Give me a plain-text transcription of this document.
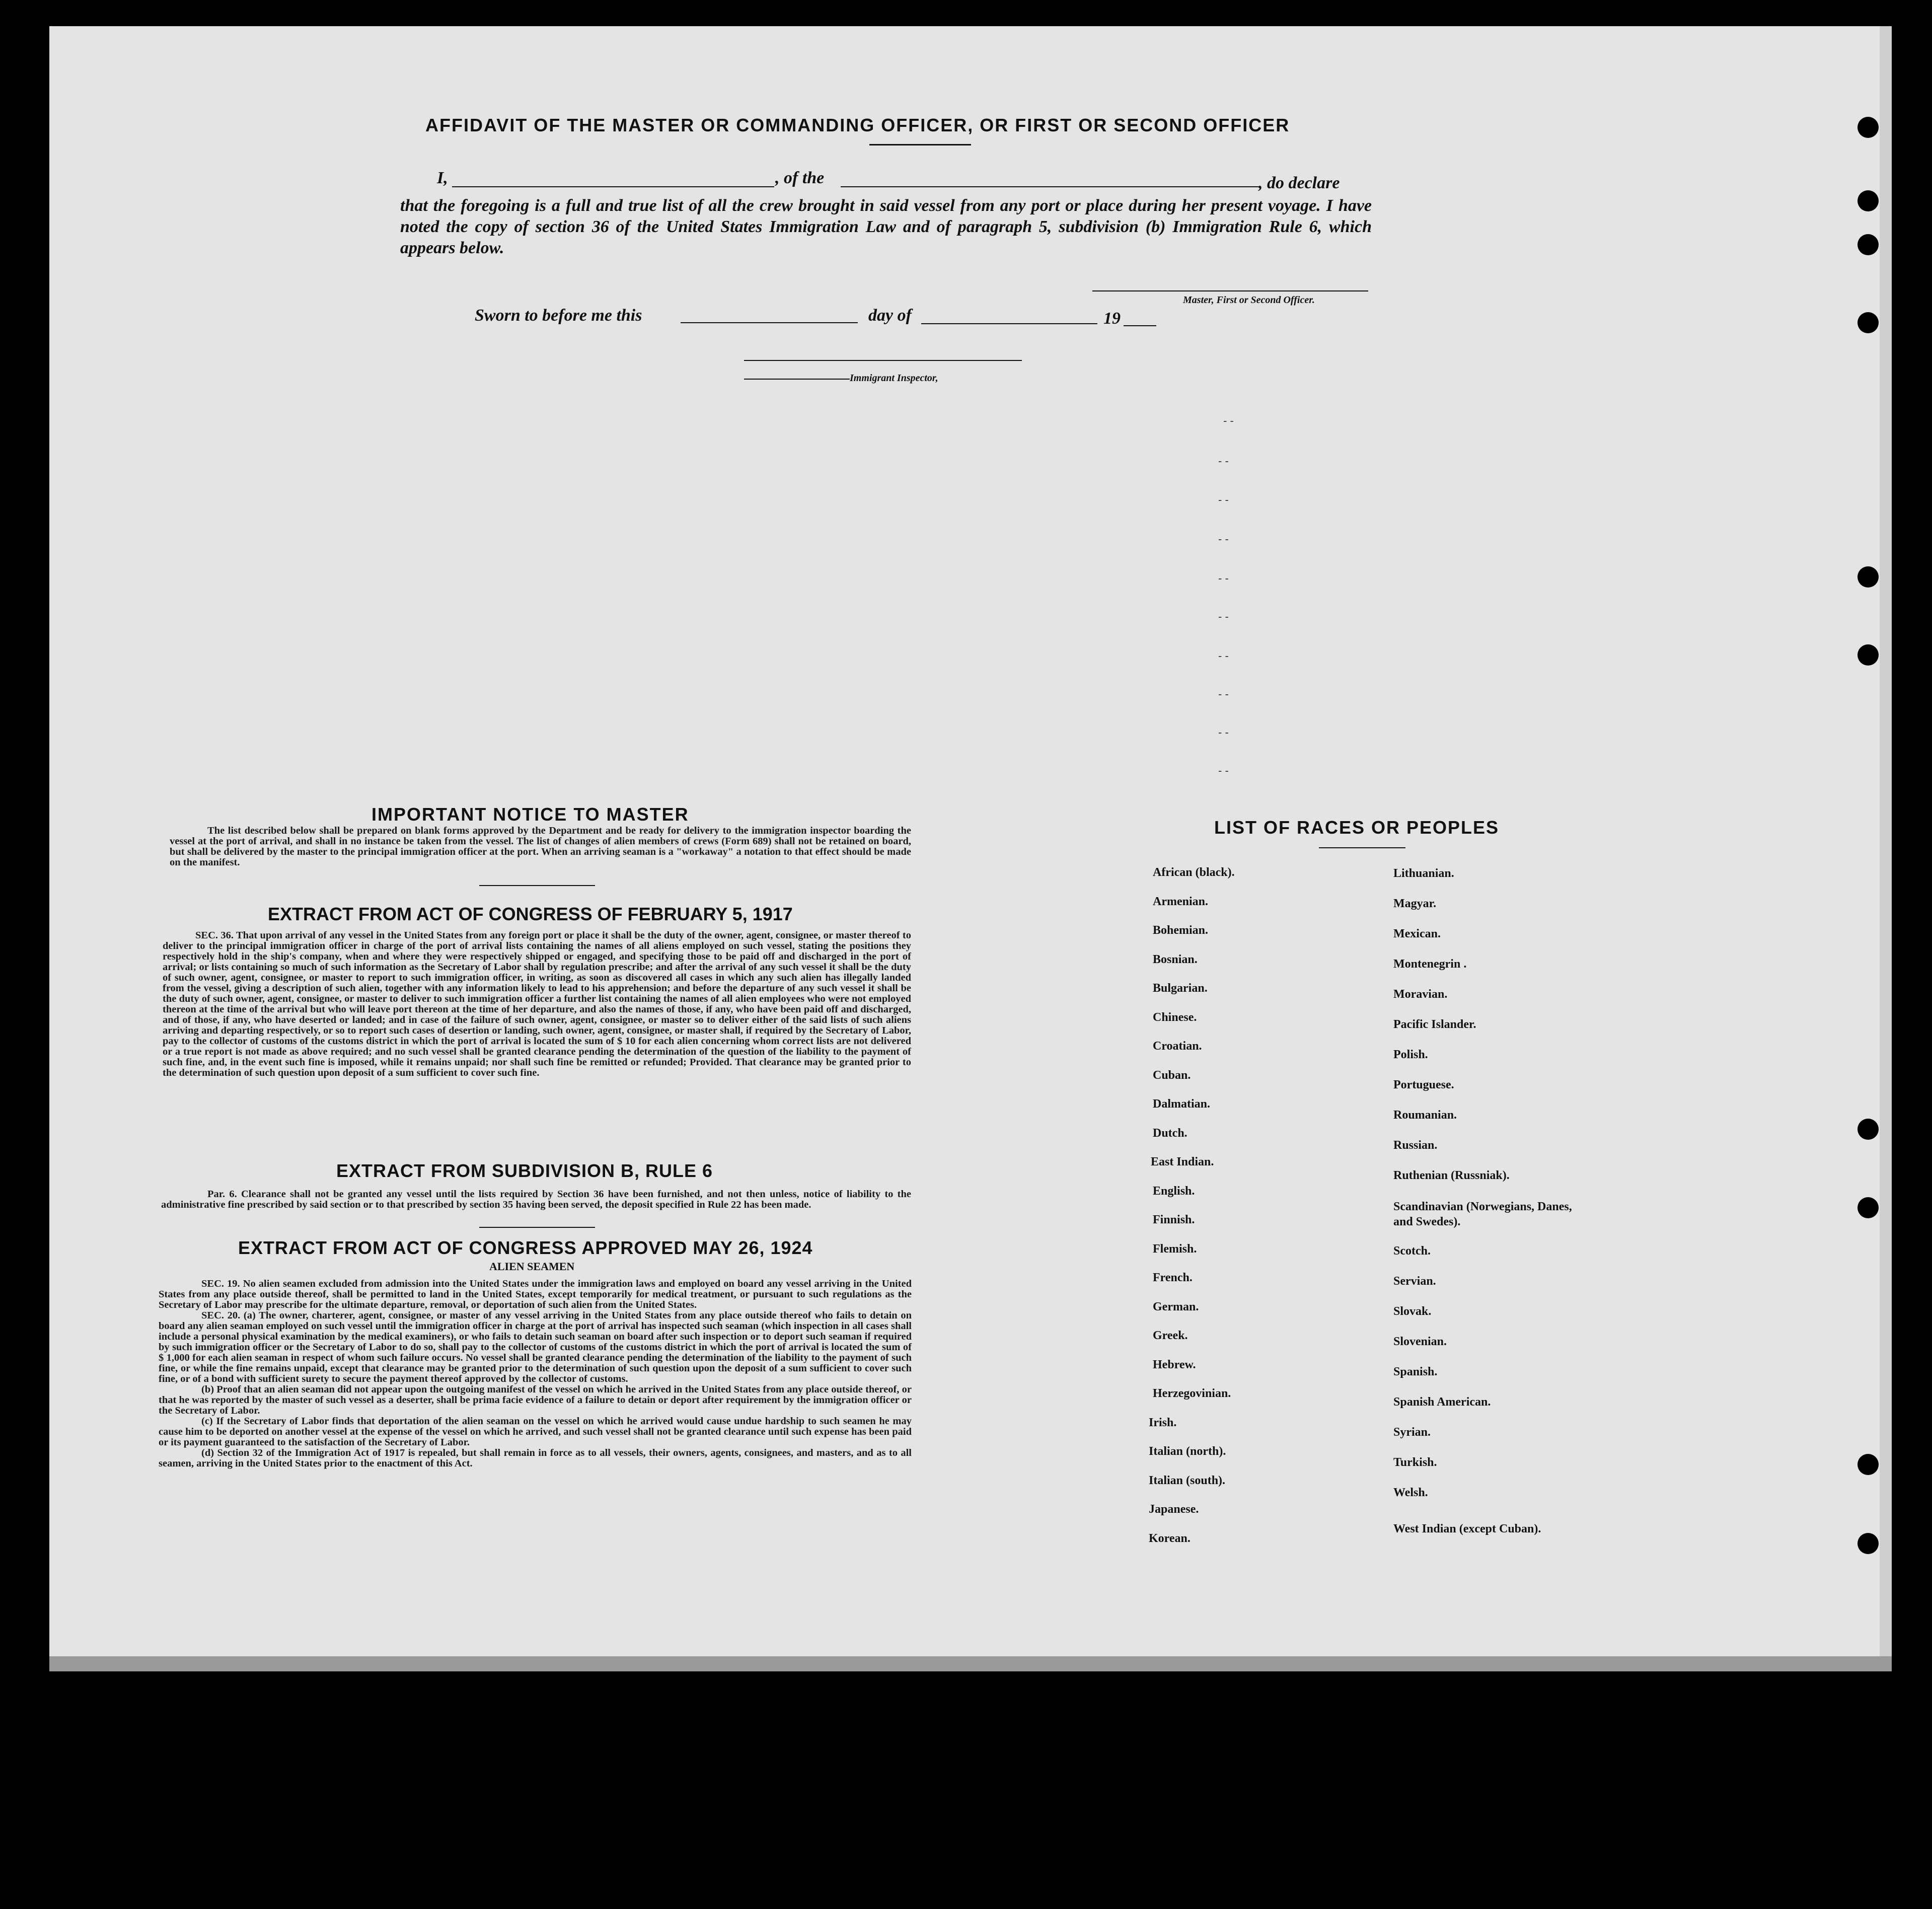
AFFIDAVIT OF THE MASTER OR COMMANDING OFFICER, OR FIRST OR SECOND OFFICER
I,	, of the	, do declare
that the foregoing is a full and true list of all the crew brought in said vessel from any port or place during her present voyage. I have noted the copy of section 36 of the United States Immigration Law and of paragraph 5, subdivision (b) Immigration Rule 6, which appears below.
Master, First or Second Officer.
Sworn to before me this	day of	19
Immigrant Inspector,
- -
- -
- -
- -
- -
- -
- -
- -
- -
- -
IMPORTANT NOTICE TO MASTER
The list described below shall be prepared on blank forms approved by the Department and be ready for delivery to the immigration inspector boarding the vessel at the port of arrival, and shall in no instance be taken from the vessel. The list of changes of alien members of crews (Form 689) shall not be retained on board, but shall be delivered by the master to the principal immigration officer at the port. When an arriving seaman is a "workaway" a notation to that effect should be made on the manifest.
EXTRACT FROM ACT OF CONGRESS OF FEBRUARY 5, 1917
SEC. 36. That upon arrival of any vessel in the United States from any foreign port or place it shall be the duty of the owner, agent, consignee, or master thereof to deliver to the principal immigration officer in charge of the port of arrival lists containing the names of all aliens employed on such vessel, stating the positions they respectively hold in the ship's company, when and where they were respectively shipped or engaged, and specifying those to be paid off and discharged in the port of arrival; or lists containing so much of such information as the Secretary of Labor shall by regulation prescribe; and after the arrival of any such vessel it shall be the duty of such owner, agent, consignee, or master to report to such immigration officer, in writing, as soon as discovered all cases in which any such alien has illegally landed from the vessel, giving a description of such alien, together with any information likely to lead to his apprehension; and before the departure of any such vessel it shall be the duty of such owner, agent, consignee, or master to deliver to such immigration officer a further list containing the names of all alien employees who were not employed thereon at the time of the arrival but who will leave port thereon at the time of her departure, and also the names of those, if any, who have been paid off and discharged, and of those, if any, who have deserted or landed; and in case of the failure of such owner, agent, consignee, or master so to deliver either of the said lists of such aliens arriving and departing respectively, or so to report such cases of desertion or landing, such owner, agent, consignee, or master shall, if required by the Secretary of Labor, pay to the collector of customs of the customs district in which the port of arrival is located the sum of $ 10 for each alien concerning whom correct lists are not delivered or a true report is not made as above required; and no such vessel shall be granted clearance pending the determination of the question of the liability to the payment of such fine, and, in the event such fine is imposed, while it remains unpaid; nor shall such fine be remitted or refunded; Provided. That clearance may be granted prior to the determination of such question upon deposit of a sum sufficient to cover such fine.
EXTRACT FROM SUBDIVISION B, RULE 6
Par. 6. Clearance shall not be granted any vessel until the lists required by Section 36 have been furnished, and not then unless, notice of liability to the administrative fine prescribed by said section or to that prescribed by section 35 having been served, the deposit specified in Rule 22 has been made.
EXTRACT FROM ACT OF CONGRESS APPROVED MAY 26, 1924
ALIEN SEAMEN
SEC. 19. No alien seamen excluded from admission into the United States under the immigration laws and employed on board any vessel arriving in the United States from any place outside thereof, shall be permitted to land in the United States, except temporarily for medical treatment, or pursuant to such regulations as the Secretary of Labor may prescribe for the ultimate departure, removal, or deportation of such alien from the United States.
SEC. 20. (a) The owner, charterer, agent, consignee, or master of any vessel arriving in the United States from any place outside thereof who fails to detain on board any alien seaman employed on such vessel until the immigration officer in charge at the port of arrival has inspected such seaman (which inspection in all cases shall include a personal physical examination by the medical examiners), or who fails to detain such seaman on board after such inspection or to deport such seaman if required by such immigration officer or the Secretary of Labor to do so, shall pay to the collector of customs of the customs district in which the port of arrival is located the sum of $ 1,000 for each alien seaman in respect of whom such failure occurs. No vessel shall be granted clearance pending the determination of the liability to the payment of such fine, or while the fine remains unpaid, except that clearance may be granted prior to the determination of such question upon the deposit of a sum sufficient to cover such fine, or of a bond with sufficient surety to secure the payment thereof approved by the collector of customs.
(b) Proof that an alien seaman did not appear upon the outgoing manifest of the vessel on which he arrived in the United States from any place outside thereof, or that he was reported by the master of such vessel as a deserter, shall be prima facie evidence of a failure to detain or deport after requirement by the immigration officer or the Secretary of Labor.
(c) If the Secretary of Labor finds that deportation of the alien seaman on the vessel on which he arrived would cause undue hardship to such seamen he may cause him to be deported on another vessel at the expense of the vessel on which he arrived, and such vessel shall not be granted clearance until such expense has been paid or its payment guaranteed to the satisfaction of the Secretary of Labor.
(d) Section 32 of the Immigration Act of 1917 is repealed, but shall remain in force as to all vessels, their owners, agents, consignees, and masters, and as to all seamen, arriving in the United States prior to the enactment of this Act.
LIST OF RACES OR PEOPLES
African (black).
Armenian.
Bohemian.
Bosnian.
Bulgarian.
Chinese.
Croatian.
Cuban.
Dalmatian.
Dutch.
East Indian.
English.
Finnish.
Flemish.
French.
German.
Greek.
Hebrew.
Herzegovinian.
Irish.
Italian (north).
Italian (south).
Japanese.
Korean.
Lithuanian.
Magyar.
Mexican.
Montenegrin .
Moravian.
Pacific Islander.
Polish.
Portuguese.
Roumanian.
Russian.
Ruthenian (Russniak).
Scandinavian (Norwegians, Danes, and Swedes).
Scotch.
Servian.
Slovak.
Slovenian.
Spanish.
Spanish American.
Syrian.
Turkish.
Welsh.
West Indian (except Cuban).
